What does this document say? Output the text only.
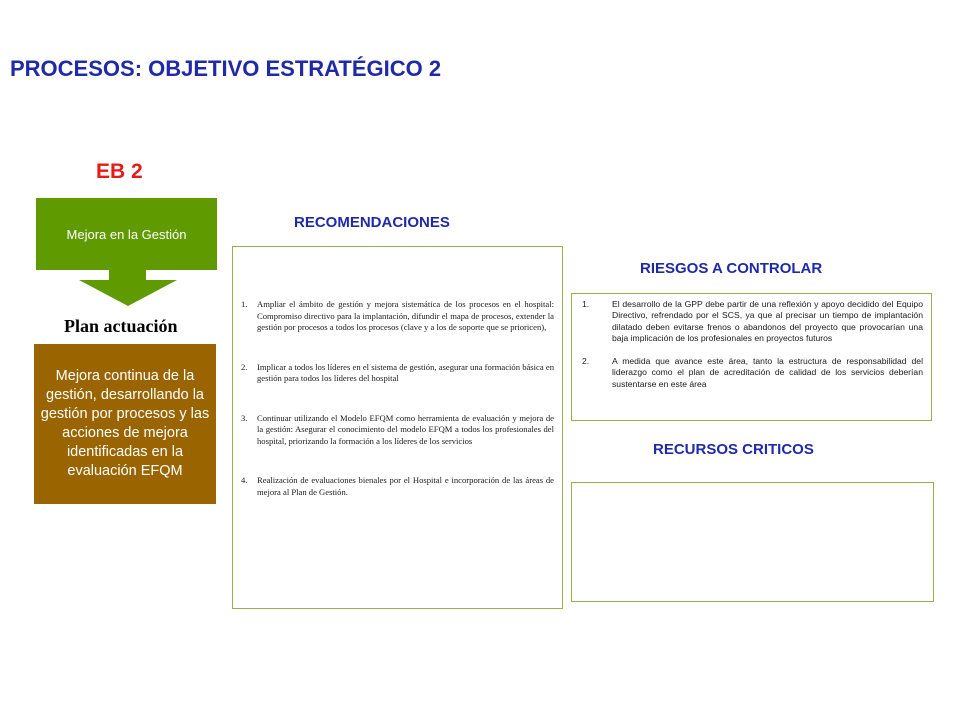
PROCESOS: OBJETIVO ESTRATÉGICO 2
EB 2
Mejora en la Gestión
Plan actuación
Mejora continua de la gestión, desarrollando la gestión por procesos y las acciones de mejora identificadas en la evaluación EFQM
RECOMENDACIONES
1.	Ampliar el ámbito de gestión y mejora sistemática de los procesos en el hospital: Compromiso directivo para la implantación, difundir el mapa de procesos, extender la gestión por procesos a todos los procesos (clave y a los de soporte que se prioricen),
2.	Implicar a todos los líderes en el sistema de gestión, asegurar una formación básica en gestión para todos los líderes del hospital
3.	Continuar utilizando el Modelo EFQM como herramienta de evaluación y mejora de la gestión: Asegurar el conocimiento del modelo EFQM a todos los profesionales del hospital, priorizando la formación a los líderes de los servicios
4.	Realización de evaluaciones bienales por el Hospital e incorporación de las áreas de mejora al Plan de Gestión.
RIESGOS A CONTROLAR
1.	El desarrollo de la GPP debe partir de una reflexión y apoyo decidido del Equipo Directivo, refrendado por el SCS, ya que al precisar un tiempo de implantación dilatado deben evitarse frenos o abandonos del proyecto que provocarían una baja implicación de los profesionales en proyectos futuros
2.	A medida que avance este área, tanto la estructura de responsabilidad del liderazgo como el plan de acreditación de calidad de los servicios deberían sustentarse en este área
RECURSOS CRITICOS
